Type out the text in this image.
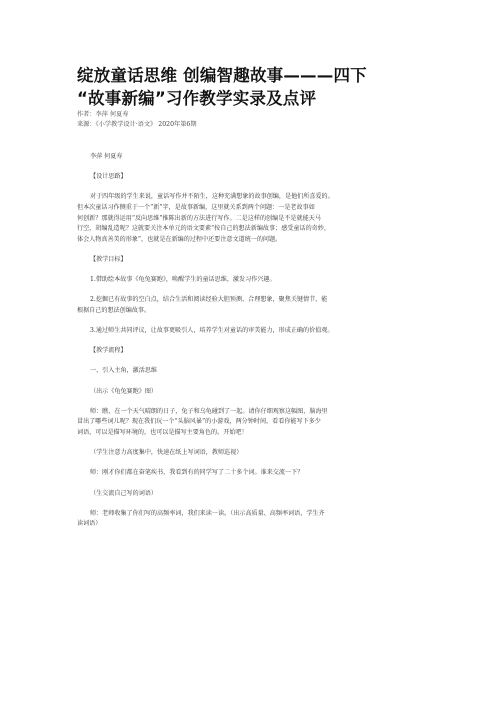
绽放童话思维 创编智趣故事———四下
“故事新编”习作教学实录及点评
作者：李萍 何夏寿
来源：《小学教学设计·语文》 2020年第6期

李萍 何夏寿

【设计思路】

对于四年级的学生来说，童话写作并不陌生，这种充满想象的故事创编，是他们所喜爱的。
但本次童话习作侧重于一个“新”字，是故事新编，这里就关系到两个问题：一是老故事如
何创新？那就得运用“反向思维”推陈出新的方法进行写作。二是这样的创编是不是就能天马
行空，胡编乱造呢？这就要关注本单元的语文要素“按自己的想法新编故事；感受童话的奇妙，
体会人物真善美的形象”，也就是在新编的过程中还要注意文道统一的问题。

【教学目标】

1.借助绘本故事《龟兔赛跑》，唤醒学生的童话思维，激发习作兴趣。

2.挖掘已有故事的空白点，结合生活和阅读经验大胆预测、合理想象，聚焦关键情节，能
根据自己的想法创编故事。

3.通过师生共同评议，让故事更吸引人，培养学生对童话的审美能力，形成正确的价值观。

【教学流程】

一、引入主角，激活思维

（出示《龟兔赛跑》图）

师：瞧，在一个天气晴朗的日子，兔子和乌龟碰到了一起。请你仔细观察这幅图，脑海里
冒出了哪些词儿呢？现在我们玩一个“头脑风暴”的小游戏，两分钟时间，看看你能写下多少
词语，可以是描写环境的，也可以是描写主要角色的。开始吧！

（学生注意力高度集中，快速在纸上写词语，教师巡视）

师：刚才你们都在奋笔疾书，我看到有的同学写了二十多个词。谁来交流一下？

（生交流自己写的词语）

师：老师收集了你们写的高频率词，我们来读一读。（出示高质量、高频率词语，学生齐
读词语）
